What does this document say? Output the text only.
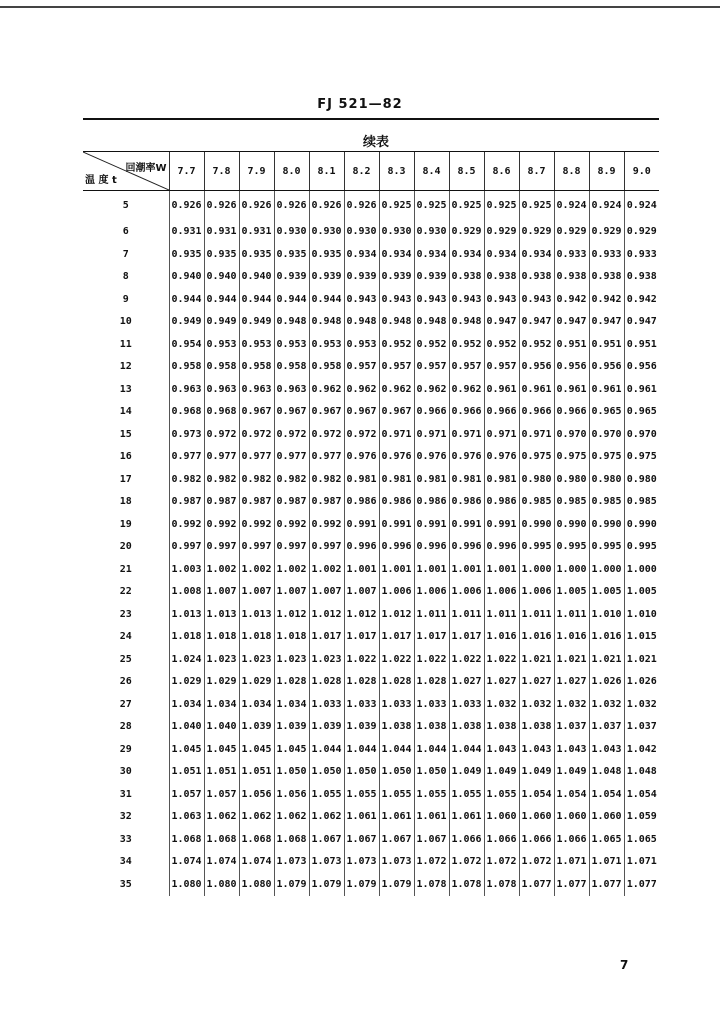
FJ 521—82
续表
回潮率W
温 度 t	7.7	7.8	7.9	8.0	8.1	8.2	8.3	8.4	8.5	8.6	8.7	8.8	8.9	9.0
5	0.926	0.926	0.926	0.926	0.926	0.926	0.925	0.925	0.925	0.925	0.925	0.924	0.924	0.924
6	0.931	0.931	0.931	0.930	0.930	0.930	0.930	0.930	0.929	0.929	0.929	0.929	0.929	0.929
7	0.935	0.935	0.935	0.935	0.935	0.934	0.934	0.934	0.934	0.934	0.934	0.933	0.933	0.933
8	0.940	0.940	0.940	0.939	0.939	0.939	0.939	0.939	0.938	0.938	0.938	0.938	0.938	0.938
9	0.944	0.944	0.944	0.944	0.944	0.943	0.943	0.943	0.943	0.943	0.943	0.942	0.942	0.942
10	0.949	0.949	0.949	0.948	0.948	0.948	0.948	0.948	0.948	0.947	0.947	0.947	0.947	0.947
11	0.954	0.953	0.953	0.953	0.953	0.953	0.952	0.952	0.952	0.952	0.952	0.951	0.951	0.951
12	0.958	0.958	0.958	0.958	0.958	0.957	0.957	0.957	0.957	0.957	0.956	0.956	0.956	0.956
13	0.963	0.963	0.963	0.963	0.962	0.962	0.962	0.962	0.962	0.961	0.961	0.961	0.961	0.961
14	0.968	0.968	0.967	0.967	0.967	0.967	0.967	0.966	0.966	0.966	0.966	0.966	0.965	0.965
15	0.973	0.972	0.972	0.972	0.972	0.972	0.971	0.971	0.971	0.971	0.971	0.970	0.970	0.970
16	0.977	0.977	0.977	0.977	0.977	0.976	0.976	0.976	0.976	0.976	0.975	0.975	0.975	0.975
17	0.982	0.982	0.982	0.982	0.982	0.981	0.981	0.981	0.981	0.981	0.980	0.980	0.980	0.980
18	0.987	0.987	0.987	0.987	0.987	0.986	0.986	0.986	0.986	0.986	0.985	0.985	0.985	0.985
19	0.992	0.992	0.992	0.992	0.992	0.991	0.991	0.991	0.991	0.991	0.990	0.990	0.990	0.990
20	0.997	0.997	0.997	0.997	0.997	0.996	0.996	0.996	0.996	0.996	0.995	0.995	0.995	0.995
21	1.003	1.002	1.002	1.002	1.002	1.001	1.001	1.001	1.001	1.001	1.000	1.000	1.000	1.000
22	1.008	1.007	1.007	1.007	1.007	1.007	1.006	1.006	1.006	1.006	1.006	1.005	1.005	1.005
23	1.013	1.013	1.013	1.012	1.012	1.012	1.012	1.011	1.011	1.011	1.011	1.011	1.010	1.010
24	1.018	1.018	1.018	1.018	1.017	1.017	1.017	1.017	1.017	1.016	1.016	1.016	1.016	1.015
25	1.024	1.023	1.023	1.023	1.023	1.022	1.022	1.022	1.022	1.022	1.021	1.021	1.021	1.021
26	1.029	1.029	1.029	1.028	1.028	1.028	1.028	1.028	1.027	1.027	1.027	1.027	1.026	1.026
27	1.034	1.034	1.034	1.034	1.033	1.033	1.033	1.033	1.033	1.032	1.032	1.032	1.032	1.032
28	1.040	1.040	1.039	1.039	1.039	1.039	1.038	1.038	1.038	1.038	1.038	1.037	1.037	1.037
29	1.045	1.045	1.045	1.045	1.044	1.044	1.044	1.044	1.044	1.043	1.043	1.043	1.043	1.042
30	1.051	1.051	1.051	1.050	1.050	1.050	1.050	1.050	1.049	1.049	1.049	1.049	1.048	1.048
31	1.057	1.057	1.056	1.056	1.055	1.055	1.055	1.055	1.055	1.055	1.054	1.054	1.054	1.054
32	1.063	1.062	1.062	1.062	1.062	1.061	1.061	1.061	1.061	1.060	1.060	1.060	1.060	1.059
33	1.068	1.068	1.068	1.068	1.067	1.067	1.067	1.067	1.066	1.066	1.066	1.066	1.065	1.065
34	1.074	1.074	1.074	1.073	1.073	1.073	1.073	1.072	1.072	1.072	1.072	1.071	1.071	1.071
35	1.080	1.080	1.080	1.079	1.079	1.079	1.079	1.078	1.078	1.078	1.077	1.077	1.077	1.077
7
